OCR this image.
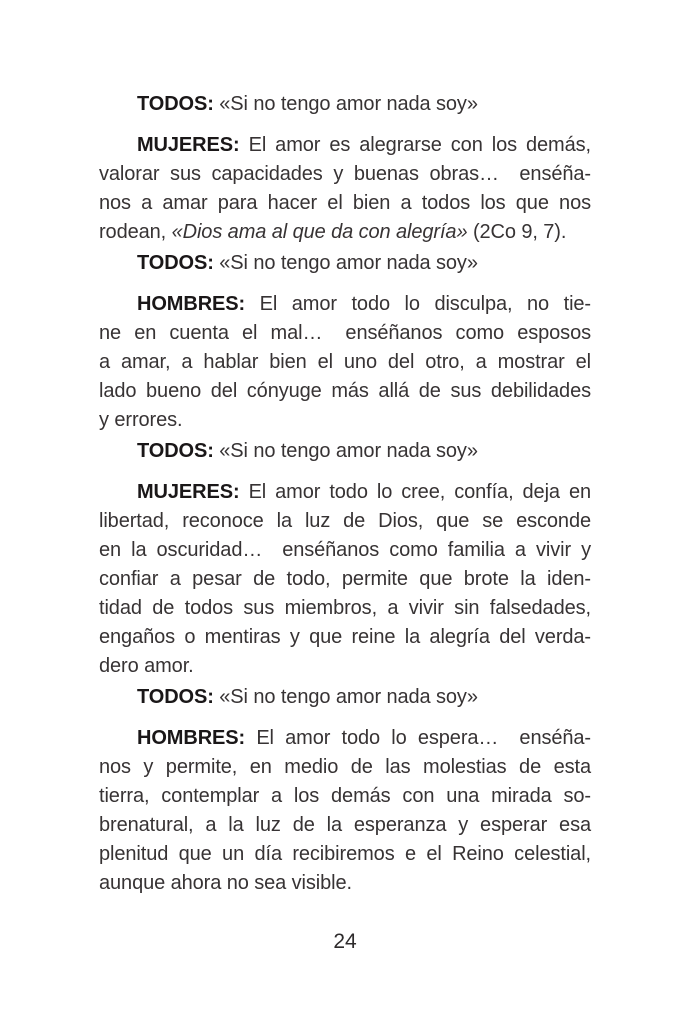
TODOS: «Si no tengo amor nada soy»
MUJERES: El amor es alegrarse con los demás,
valorar sus capacidades y buenas obras…  enséña-
nos a amar para hacer el bien a todos los que nos
rodean, «Dios ama al que da con alegría» (2Co 9, 7).
TODOS: «Si no tengo amor nada soy»
HOMBRES: El amor todo lo disculpa, no tie-
ne en cuenta el mal…  enséñanos como esposos
a amar, a hablar bien el uno del otro, a mostrar el
lado bueno del cónyuge más allá de sus debilidades
y errores.
TODOS: «Si no tengo amor nada soy»
MUJERES: El amor todo lo cree, confía, deja en
libertad, reconoce la luz de Dios, que se esconde
en la oscuridad…  enséñanos como familia a vivir y
confiar a pesar de todo, permite que brote la iden-
tidad de todos sus miembros, a vivir sin falsedades,
engaños o mentiras y que reine la alegría del verda-
dero amor.
TODOS: «Si no tengo amor nada soy»
HOMBRES: El amor todo lo espera…  enséña-
nos y permite, en medio de las molestias de esta
tierra, contemplar a los demás con una mirada so-
brenatural, a la luz de la esperanza y esperar esa
plenitud que un día recibiremos e el Reino celestial,
aunque ahora no sea visible.
24
